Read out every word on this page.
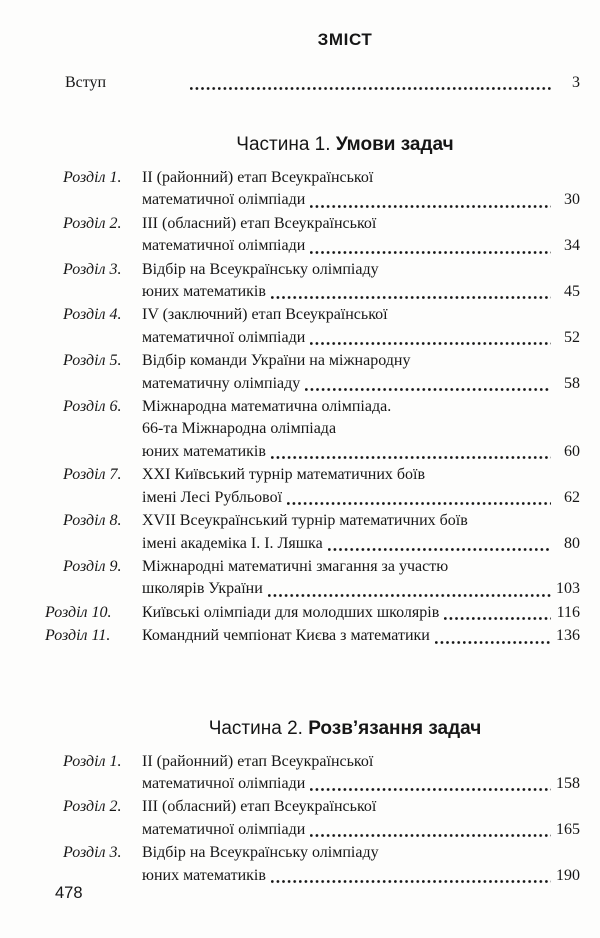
ЗМІСТ
Вступ	3
Частина 1. Умови задач
Розділ 1.	II (районний) етап Всеукраїнської
математичної олімпіади	30
Розділ 2.	III (обласний) етап Всеукраїнської
математичної олімпіади	34
Розділ 3.	Відбір на Всеукраїнську олімпіаду
юних математиків	45
Розділ 4.	IV (заключний) етап Всеукраїнської
математичної олімпіади	52
Розділ 5.	Відбір команди України на міжнародну
математичну олімпіаду	58
Розділ 6.	Міжнародна математична олімпіада.
66-та Міжнародна олімпіада
юних математиків	60
Розділ 7.	XXI Київський турнір математичних боїв
імені Лесі Рубльової	62
Розділ 8.	XVII Всеукраїнський турнір математичних боїв
імені академіка І. І. Ляшка	80
Розділ 9.	Міжнародні математичні змагання за участю
школярів України	103
Розділ 10.	Київські олімпіади для молодших школярів	116
Розділ 11.	Командний чемпіонат Києва з математики	136
Частина 2. Розв’язання задач
Розділ 1.	II (районний) етап Всеукраїнської
математичної олімпіади	158
Розділ 2.	III (обласний) етап Всеукраїнської
математичної олімпіади	165
Розділ 3.	Відбір на Всеукраїнську олімпіаду
юних математиків	190
478
